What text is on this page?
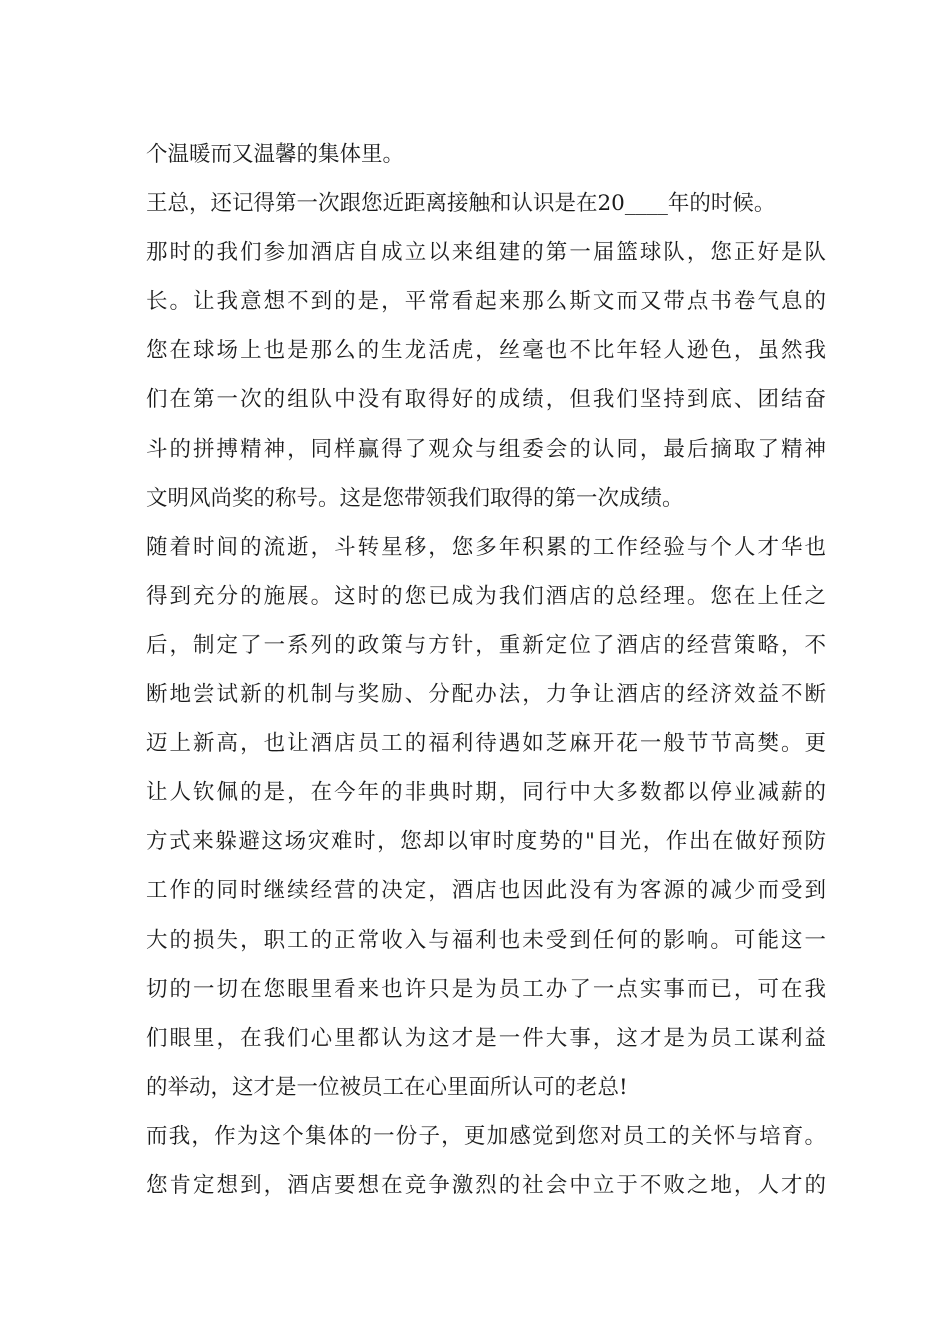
个温暖而又温馨的集体里。
王总，还记得第一次跟您近距离接触和认识是在20____年的时候。
那时的我们参加酒店自成立以来组建的第一届篮球队，您正好是队
长。让我意想不到的是，平常看起来那么斯文而又带点书卷气息的
您在球场上也是那么的生龙活虎，丝毫也不比年轻人逊色，虽然我
们在第一次的组队中没有取得好的成绩，但我们坚持到底、团结奋
斗的拼搏精神，同样赢得了观众与组委会的认同，最后摘取了精神
文明风尚奖的称号。这是您带领我们取得的第一次成绩。
随着时间的流逝，斗转星移，您多年积累的工作经验与个人才华也
得到充分的施展。这时的您已成为我们酒店的总经理。您在上任之
后，制定了一系列的政策与方针，重新定位了酒店的经营策略，不
断地尝试新的机制与奖励、分配办法，力争让酒店的经济效益不断
迈上新高，也让酒店员工的福利待遇如芝麻开花一般节节高樊。更
让人钦佩的是，在今年的非典时期，同行中大多数都以停业减薪的
方式来躲避这场灾难时，您却以审时度势的"目光，作出在做好预防
工作的同时继续经营的决定，酒店也因此没有为客源的减少而受到
大的损失，职工的正常收入与福利也未受到任何的影响。可能这一
切的一切在您眼里看来也许只是为员工办了一点实事而已，可在我
们眼里，在我们心里都认为这才是一件大事，这才是为员工谋利益
的举动，这才是一位被员工在心里面所认可的老总!
而我，作为这个集体的一份子，更加感觉到您对员工的关怀与培育。
您肯定想到，酒店要想在竞争激烈的社会中立于不败之地，人才的
